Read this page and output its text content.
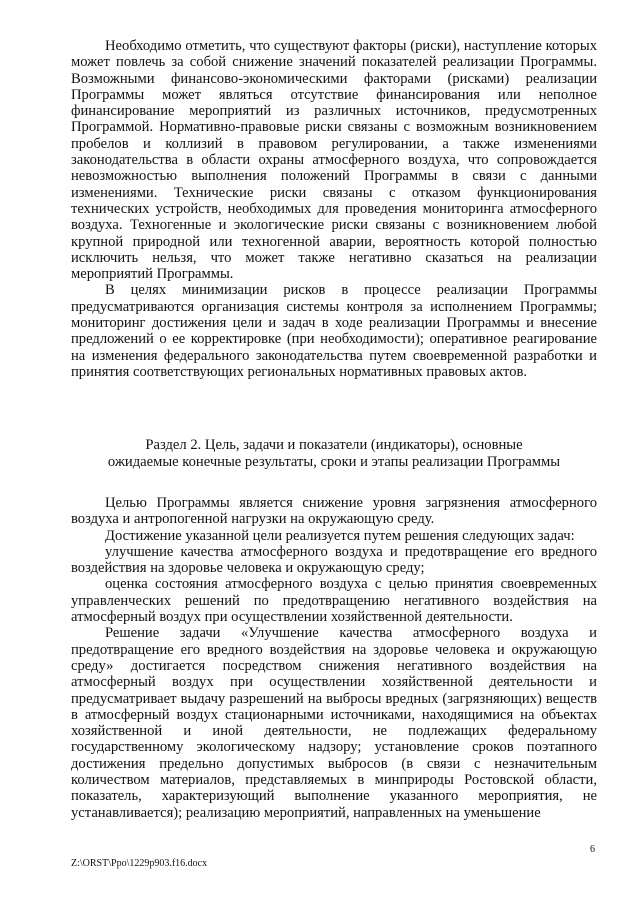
Необходимо отметить, что существуют факторы (риски), наступление которых может повлечь за собой снижение значений показателей реализации Программы. Возможными финансово-экономическими факторами (рисками) реализации Программы может являться отсутствие финансирования или неполное финансирование мероприятий из различных источников, предусмотренных Программой. Нормативно-правовые риски связаны с возможным возникновением пробелов и коллизий в правовом регулировании, а также изменениями законодательства в области охраны атмосферного воздуха, что сопровождается невозможностью выполнения положений Программы в связи с данными изменениями. Технические риски связаны с отказом функционирования технических устройств, необходимых для проведения мониторинга атмосферного воздуха. Техногенные и экологические риски связаны с возникновением любой крупной природной или техногенной аварии, вероятность которой полностью исключить нельзя, что может также негативно сказаться на реализации мероприятий Программы.

В целях минимизации рисков в процессе реализации Программы предусматриваются организация системы контроля за исполнением Программы; мониторинг достижения цели и задач в ходе реализации Программы и внесение предложений о ее корректировке (при необходимости); оперативное реагирование на изменения федерального законодательства путем своевременной разработки и принятия соответствующих региональных нормативных правовых актов.

Раздел 2. Цель, задачи и показатели (индикаторы), основные
ожидаемые конечные результаты, сроки и этапы реализации Программы

Целью Программы является снижение уровня загрязнения атмосферного воздуха и антропогенной нагрузки на окружающую среду.

Достижение указанной цели реализуется путем решения следующих задач:

улучшение качества атмосферного воздуха и предотвращение его вредного воздействия на здоровье человека и окружающую среду;

оценка состояния атмосферного воздуха с целью принятия своевременных управленческих решений по предотвращению негативного воздействия на атмосферный воздух при осуществлении хозяйственной деятельности.

Решение задачи «Улучшение качества атмосферного воздуха и предотвращение его вредного воздействия на здоровье человека и окружающую среду» достигается посредством снижения негативного воздействия на атмосферный воздух при осуществлении хозяйственной деятельности и предусматривает выдачу разрешений на выбросы вредных (загрязняющих) веществ в атмосферный воздух стационарными источниками, находящимися на объектах хозяйственной и иной деятельности, не подлежащих федеральному государственному экологическому надзору; установление сроков поэтапного достижения предельно допустимых выбросов (в связи с незначительным количеством материалов, представляемых в минприроды Ростовской области, показатель, характеризующий выполнение указанного мероприятия, не устанавливается); реализацию мероприятий, направленных на уменьшение

6
Z:\ORST\Ppo\1229p903.f16.docx
